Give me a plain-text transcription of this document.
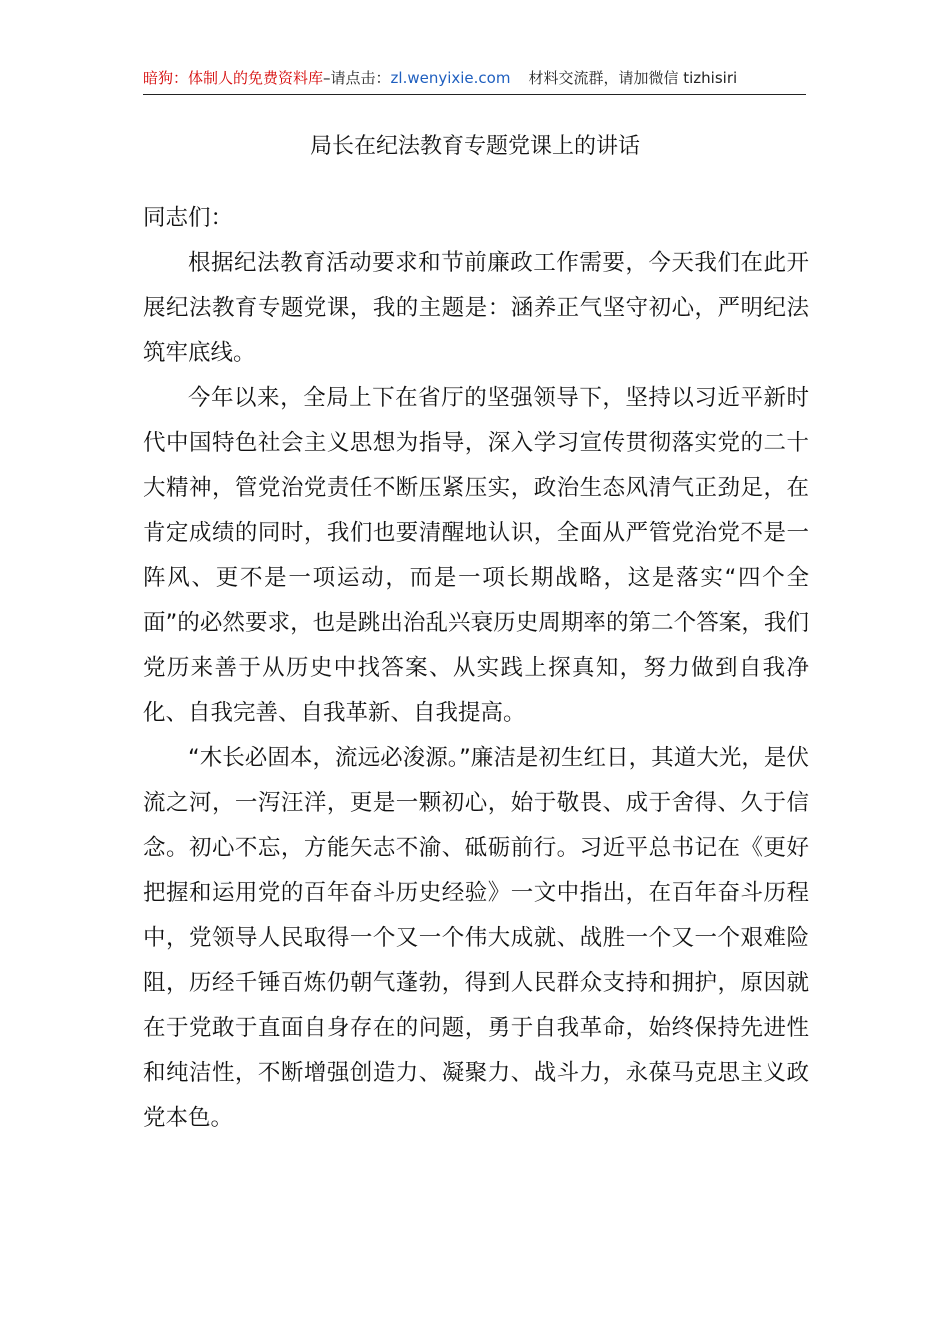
暗狗：体制人的免费资料库–请点击：zl.wenyixie.com 材料交流群，请加微信 tizhisiri
局长在纪法教育专题党课上的讲话

同志们：

根据纪法教育活动要求和节前廉政工作需要，今天我们在此开展纪法教育专题党课，我的主题是：涵养正气坚守初心，严明纪法筑牢底线。

今年以来，全局上下在省厅的坚强领导下，坚持以习近平新时代中国特色社会主义思想为指导，深入学习宣传贯彻落实党的二十大精神，管党治党责任不断压紧压实，政治生态风清气正劲足，在肯定成绩的同时，我们也要清醒地认识，全面从严管党治党不是一阵风、更不是一项运动，而是一项长期战略，这是落实“四个全面”的必然要求，也是跳出治乱兴衰历史周期率的第二个答案，我们党历来善于从历史中找答案、从实践上探真知，努力做到自我净化、自我完善、自我革新、自我提高。

“木长必固本，流远必浚源。”廉洁是初生红日，其道大光，是伏流之河，一泻汪洋，更是一颗初心，始于敬畏、成于舍得、久于信念。初心不忘，方能矢志不渝、砥砺前行。习近平总书记在《更好把握和运用党的百年奋斗历史经验》一文中指出，在百年奋斗历程中，党领导人民取得一个又一个伟大成就、战胜一个又一个艰难险阻，历经千锤百炼仍朝气蓬勃，得到人民群众支持和拥护，原因就在于党敢于直面自身存在的问题，勇于自我革命，始终保持先进性和纯洁性，不断增强创造力、凝聚力、战斗力，永葆马克思主义政党本色。
